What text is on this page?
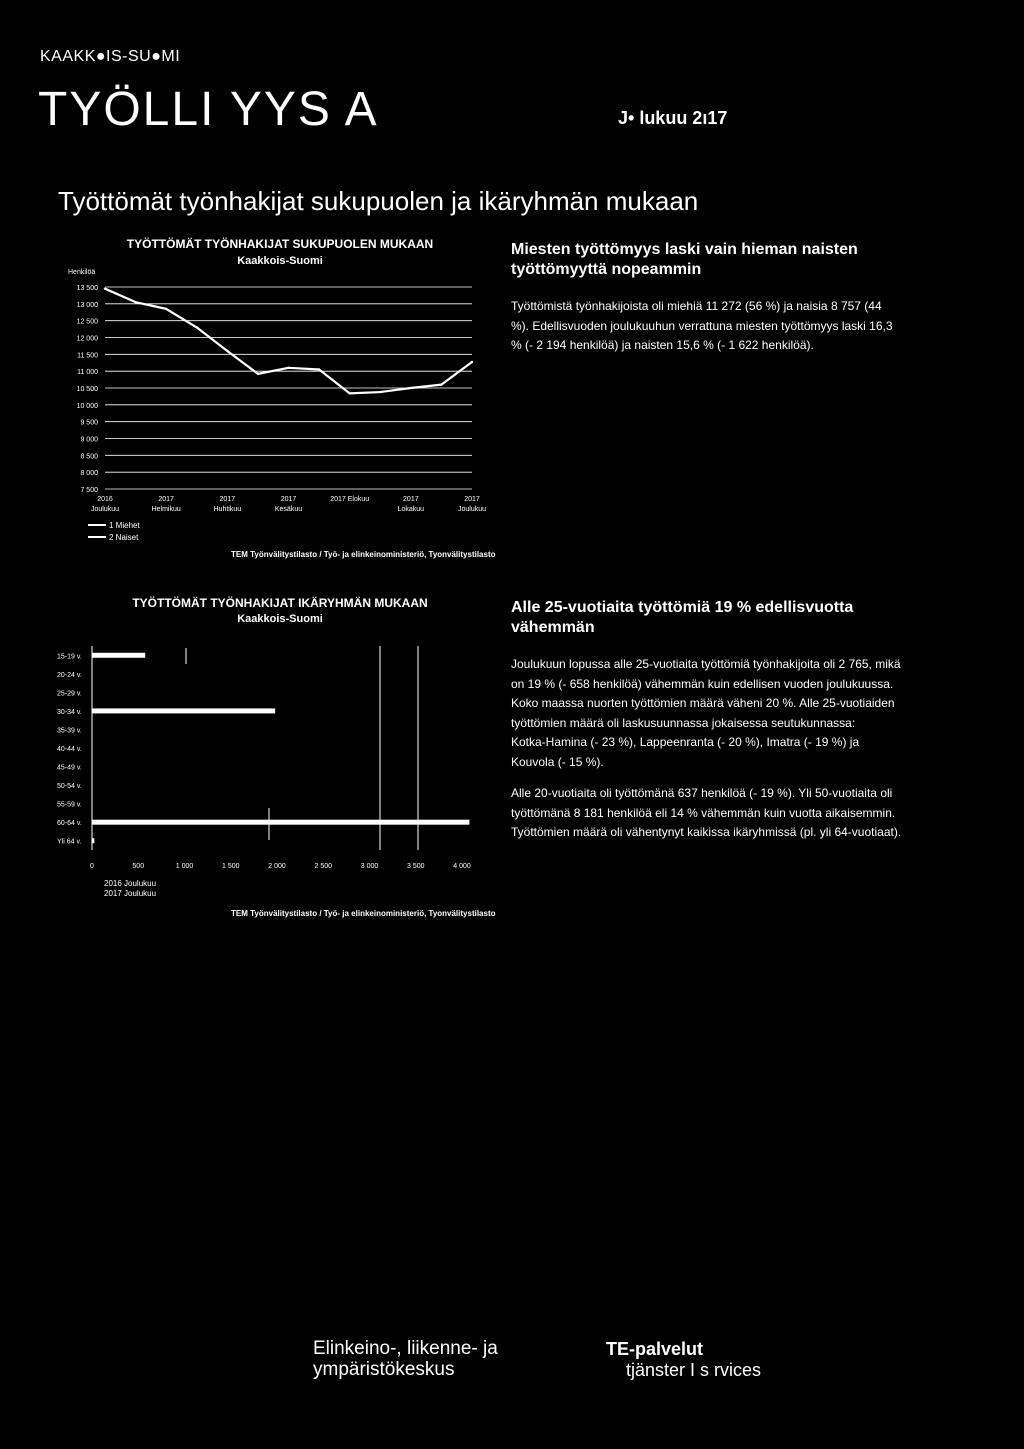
KAAKK●IS-SU●MI
TYÖLLI YYS A	J• lukuu 2ı17
Työttömät työnhakijat sukupuolen ja ikäryhmän mukaan
TYÖTTÖMÄT TYÖNHAKIJAT SUKUPUOLEN MUKAAN
Kaakkois-Suomi
Henkilöä
13 500
13 000
12 500
12 000
11 500
11 000
10 500
10 000
9 500
9 000
8 500
8 000
7 500
2016
Joulukuu
2017
Helmikuu
2017
Huhtikuu
2017
Kesäkuu
2017 Elokuu	2017
Lokakuu
2017
Joulukuu
1 Miehet
2 Naiset
TEM Työnvälitystilasto / Työ- ja elinkeinoministeriö, Tyonvälitystilasto
Miesten työttömyys laski vain hieman naisten työttömyyttä nopeammin
Työttömistä työnhakijoista oli miehiä 11 272 (56 %) ja naisia 8 757 (44
%). Edellisvuoden joulukuuhun verrattuna miesten työttömyys laski 16,3
% (- 2 194 henkilöä) ja naisten 15,6 % (- 1 622 henkilöä).
TYÖTTÖMÄT TYÖNHAKIJAT IKÄRYHMÄN MUKAAN
Kaakkois-Suomi
15-19 v.
20-24 v.
25-29 v.
30-34 v.
35-39 v.
40-44 v.
45-49 v.
50-54 v.
55-59 v.
60-64 v.
Yli 64 v.
0	500	1 000	1 500	2 000	2 500	3 000	3 500	4 000
2016 Joulukuu
2017 Joulukuu
TEM Työnvälitystilasto / Työ- ja elinkeinoministeriö, Tyonvälitystilasto
Alle 25-vuotiaita työttömiä 19 % edellisvuotta vähemmän
Joulukuun lopussa alle 25-vuotiaita työttömiä työnhakijoita oli 2 765, mikä
on 19 % (- 658 henkilöä) vähemmän kuin edellisen vuoden joulukuussa.
Koko maassa nuorten työttömien määrä väheni 20 %. Alle 25-vuotiaiden
työttömien määrä oli laskusuunnassa jokaisessa seutukunnassa:
Kotka-Hamina (- 23 %), Lappeenranta (- 20 %), Imatra (- 19 %) ja
Kouvola (- 15 %).
Alle 20-vuotiaita oli työttömänä 637 henkilöä (- 19 %). Yli 50-vuotiaita oli
työttömänä 8 181 henkilöä eli 14 % vähemmän kuin vuotta aikaisemmin.
Työttömien määrä oli vähentynyt kaikissa ikäryhmissä (pl. yli 64-vuotiaat).
Elinkeino-, liikenne- ja
ympäristökeskus
TE-palvelut
tjänster I s rvices
